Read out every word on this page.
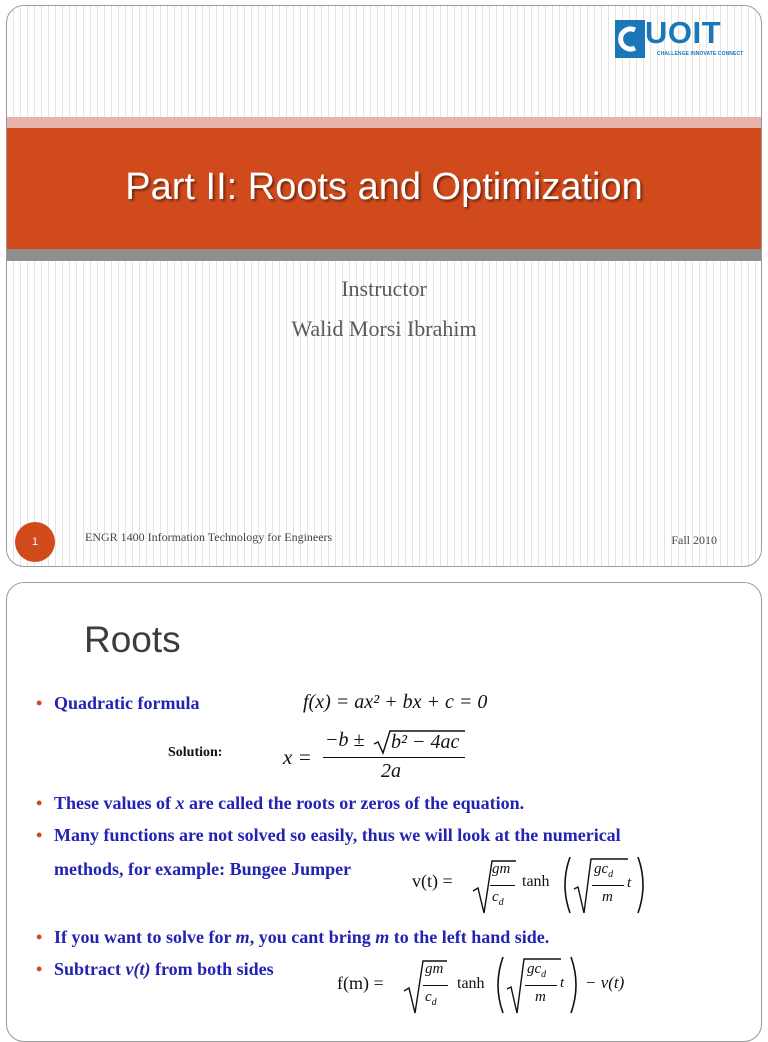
UOIT
CHALLENGE INNOVATE CONNECT
Part II: Roots and Optimization
Instructor
Walid Morsi Ibrahim
1	ENGR 1400 Information Technology for Engineers	Fall 2010
Roots
• Quadratic formula	f(x) = ax² + bx + c = 0
Solution:	x =
−b ± b² − 4ac
2a
• These values of x are called the roots or zeros of the equation.
• Many functions are not solved so easily, thus we will look at the numerical
methods, for example: Bungee Jumper
v(t) =
gm
$c_d$
tanh
$gc_d$
m
t
• If you want to solve for m, you cant bring m to the left hand side.
• Subtract v(t) from both sides
f(m) =
gm
$c_d$
tanh
$gc_d$
m
t − v(t)
